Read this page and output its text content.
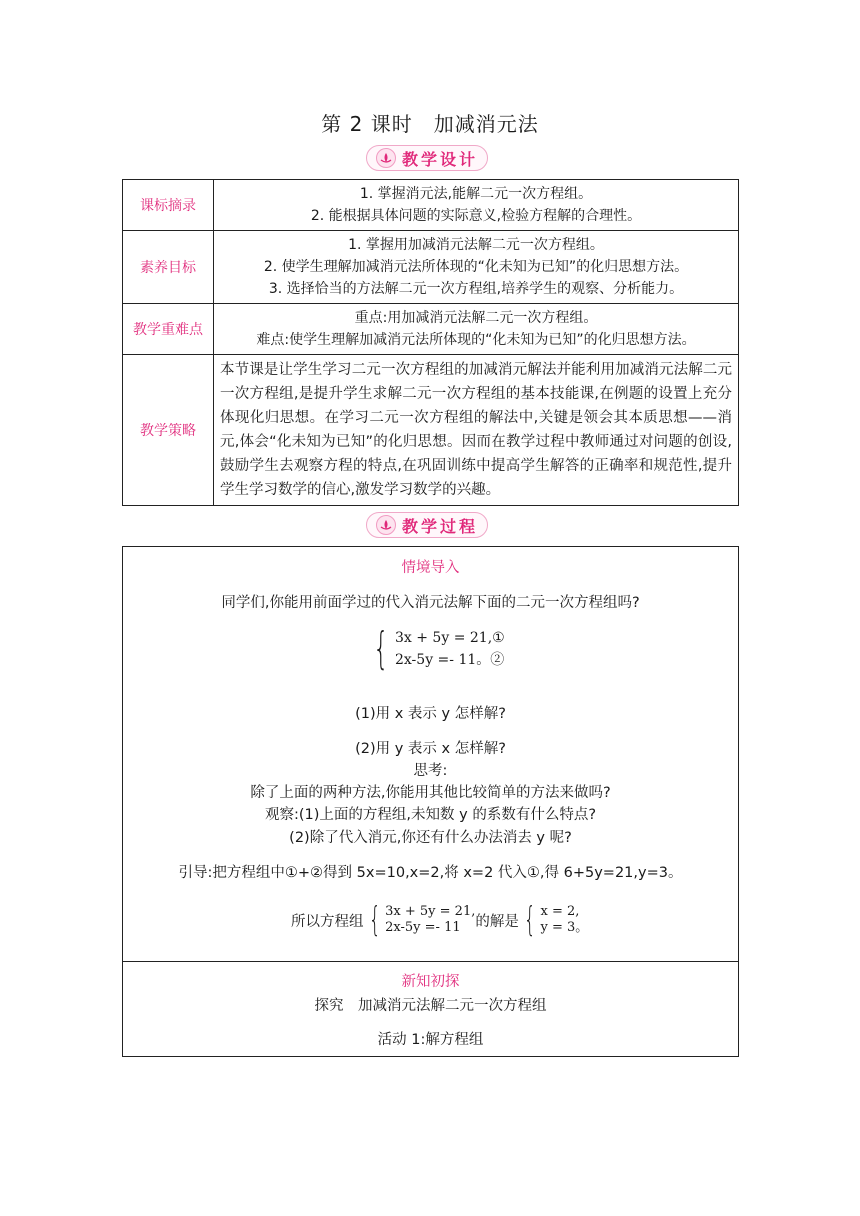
第 2 课时　加减消元法
教学设计
课标摘录	1. 掌握消元法,能解二元一次方程组。
2. 能根据具体问题的实际意义,检验方程解的合理性。

素养目标	1. 掌握用加减消元法解二元一次方程组。
2. 使学生理解加减消元法所体现的“化未知为已知”的化归思想方法。
3. 选择恰当的方法解二元一次方程组,培养学生的观察、分析能力。

教学重难点	重点:用加减消元法解二元一次方程组。
难点:使学生理解加减消元法所体现的“化未知为已知”的化归思想方法。

教学策略	本节课是让学生学习二元一次方程组的加减消元解法并能利用加减消元法解二元一次方程组,是提升学生求解二元一次方程组的基本技能课,在例题的设置上充分体现化归思想。在学习二元一次方程组的解法中,关键是领会其本质思想——消元,体会“化未知为已知”的化归思想。因而在教学过程中教师通过对问题的创设,鼓励学生去观察方程的特点,在巩固训练中提高学生解答的正确率和规范性,提升学生学习数学的信心,激发学习数学的兴趣。
教学过程
情境导入
同学们,你能用前面学过的代入消元法解下面的二元一次方程组吗?
{ 3x + 5y = 21,①
2x-5y =- 11。②
(1)用 x 表示 y 怎样解?
(2)用 y 表示 x 怎样解?
思考:
除了上面的两种方法,你能用其他比较简单的方法来做吗?
观察:(1)上面的方程组,未知数 y 的系数有什么特点?
(2)除了代入消元,你还有什么办法消去 y 呢?
引导:把方程组中①+②得到 5x=10,x=2,将 x=2 代入①,得 6+5y=21,y=3。
所以方程组 { 3x + 5y = 21,
2x-5y =- 11	的解是 { x = 2,
y = 3。
新知初探
探究　加减消元法解二元一次方程组
活动 1:解方程组
